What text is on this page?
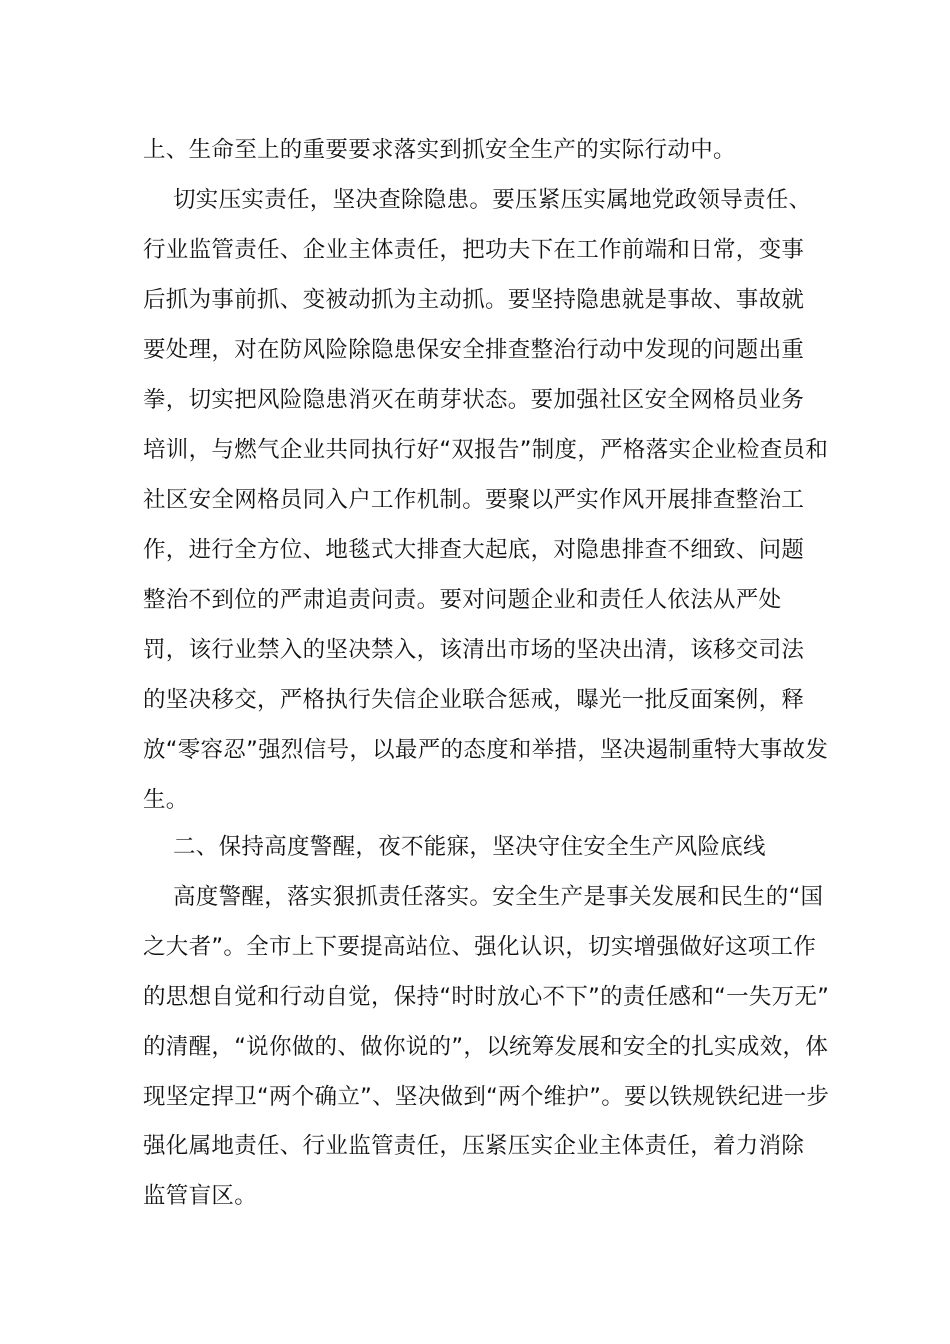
上、生命至上的重要要求落实到抓安全生产的实际行动中。
切实压实责任，坚决查除隐患。要压紧压实属地党政领导责任、
行业监管责任、企业主体责任，把功夫下在工作前端和日常，变事
后抓为事前抓、变被动抓为主动抓。要坚持隐患就是事故、事故就
要处理，对在防风险除隐患保安全排查整治行动中发现的问题出重
拳，切实把风险隐患消灭在萌芽状态。要加强社区安全网格员业务
培训，与燃气企业共同执行好“双报告”制度，严格落实企业检查员和
社区安全网格员同入户工作机制。要聚以严实作风开展排查整治工
作，进行全方位、地毯式大排查大起底，对隐患排查不细致、问题
整治不到位的严肃追责问责。要对问题企业和责任人依法从严处
罚，该行业禁入的坚决禁入，该清出市场的坚决出清，该移交司法
的坚决移交，严格执行失信企业联合惩戒，曝光一批反面案例，释
放“零容忍”强烈信号，以最严的态度和举措，坚决遏制重特大事故发
生。
二、保持高度警醒，夜不能寐，坚决守住安全生产风险底线
高度警醒，落实狠抓责任落实。安全生产是事关发展和民生的“国
之大者”。全市上下要提高站位、强化认识，切实增强做好这项工作
的思想自觉和行动自觉，保持“时时放心不下”的责任感和“一失万无”
的清醒，“说你做的、做你说的”，以统筹发展和安全的扎实成效，体
现坚定捍卫“两个确立”、坚决做到“两个维护”。要以铁规铁纪进一步
强化属地责任、行业监管责任，压紧压实企业主体责任，着力消除
监管盲区。
